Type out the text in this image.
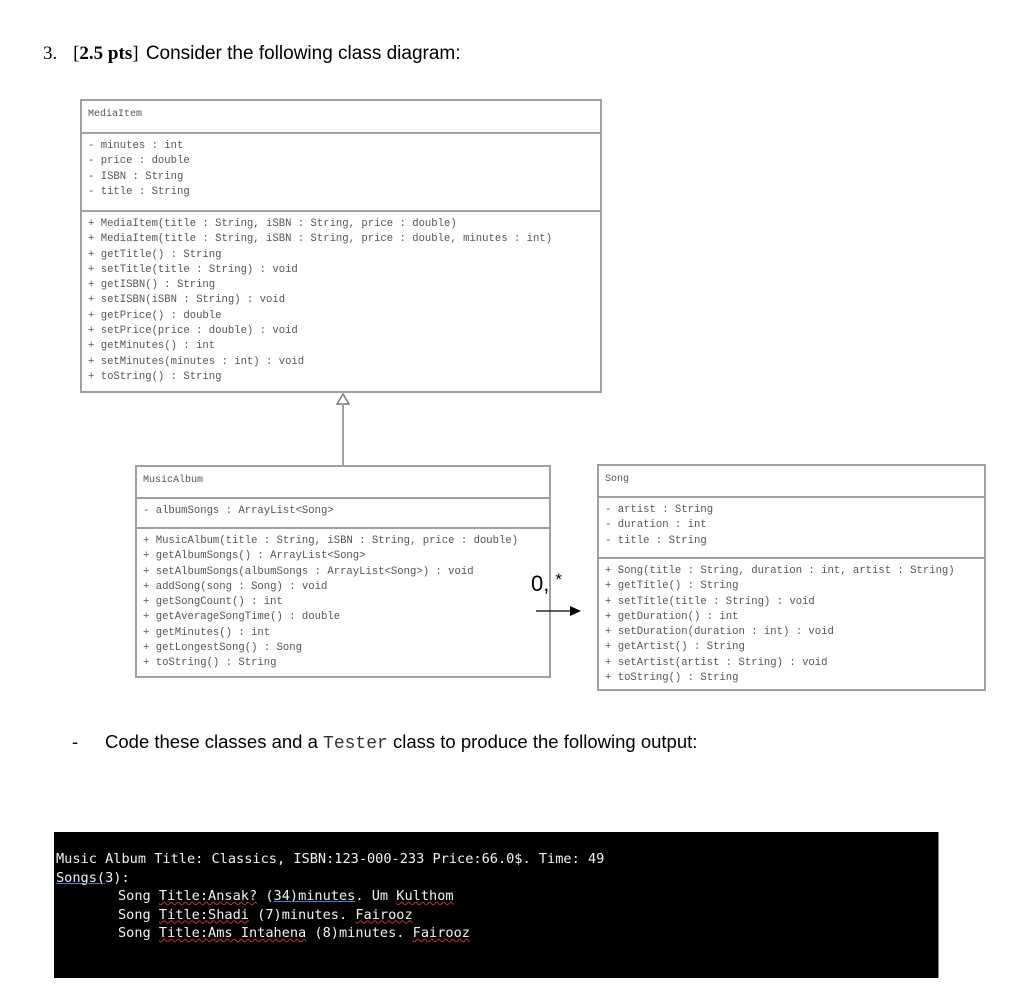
3. [2.5 pts] Consider the following class diagram:
MediaItem
- minutes : int
- price : double
- ISBN : String
- title : String
+ MediaItem(title : String, iSBN : String, price : double)
+ MediaItem(title : String, iSBN : String, price : double, minutes : int)
+ getTitle() : String
+ setTitle(title : String) : void
+ getISBN() : String
+ setISBN(iSBN : String) : void
+ getPrice() : double
+ setPrice(price : double) : void
+ getMinutes() : int
+ setMinutes(minutes : int) : void
+ toString() : String
MusicAlbum
- albumSongs : ArrayList<Song>
+ MusicAlbum(title : String, iSBN : String, price : double)
+ getAlbumSongs() : ArrayList<Song>
+ setAlbumSongs(albumSongs : ArrayList<Song>) : void
+ addSong(song : Song) : void
+ getSongCount() : int
+ getAverageSongTime() : double
+ getMinutes() : int
+ getLongestSong() : Song
+ toString() : String
0, *
Song
- artist : String
- duration : int
- title : String
+ Song(title : String, duration : int, artist : String)
+ getTitle() : String
+ setTitle(title : String) : void
+ getDuration() : int
+ setDuration(duration : int) : void
+ getArtist() : String
+ setArtist(artist : String) : void
+ toString() : String
- Code these classes and a Tester class to produce the following output:
Music Album Title: Classics, ISBN:123-000-233 Price:66.0$. Time: 49
Songs(3):
Song Title:Ansak? (34)minutes. Um Kulthom
Song Title:Shadi (7)minutes. Fairooz
Song Title:Ams Intahena (8)minutes. Fairooz
